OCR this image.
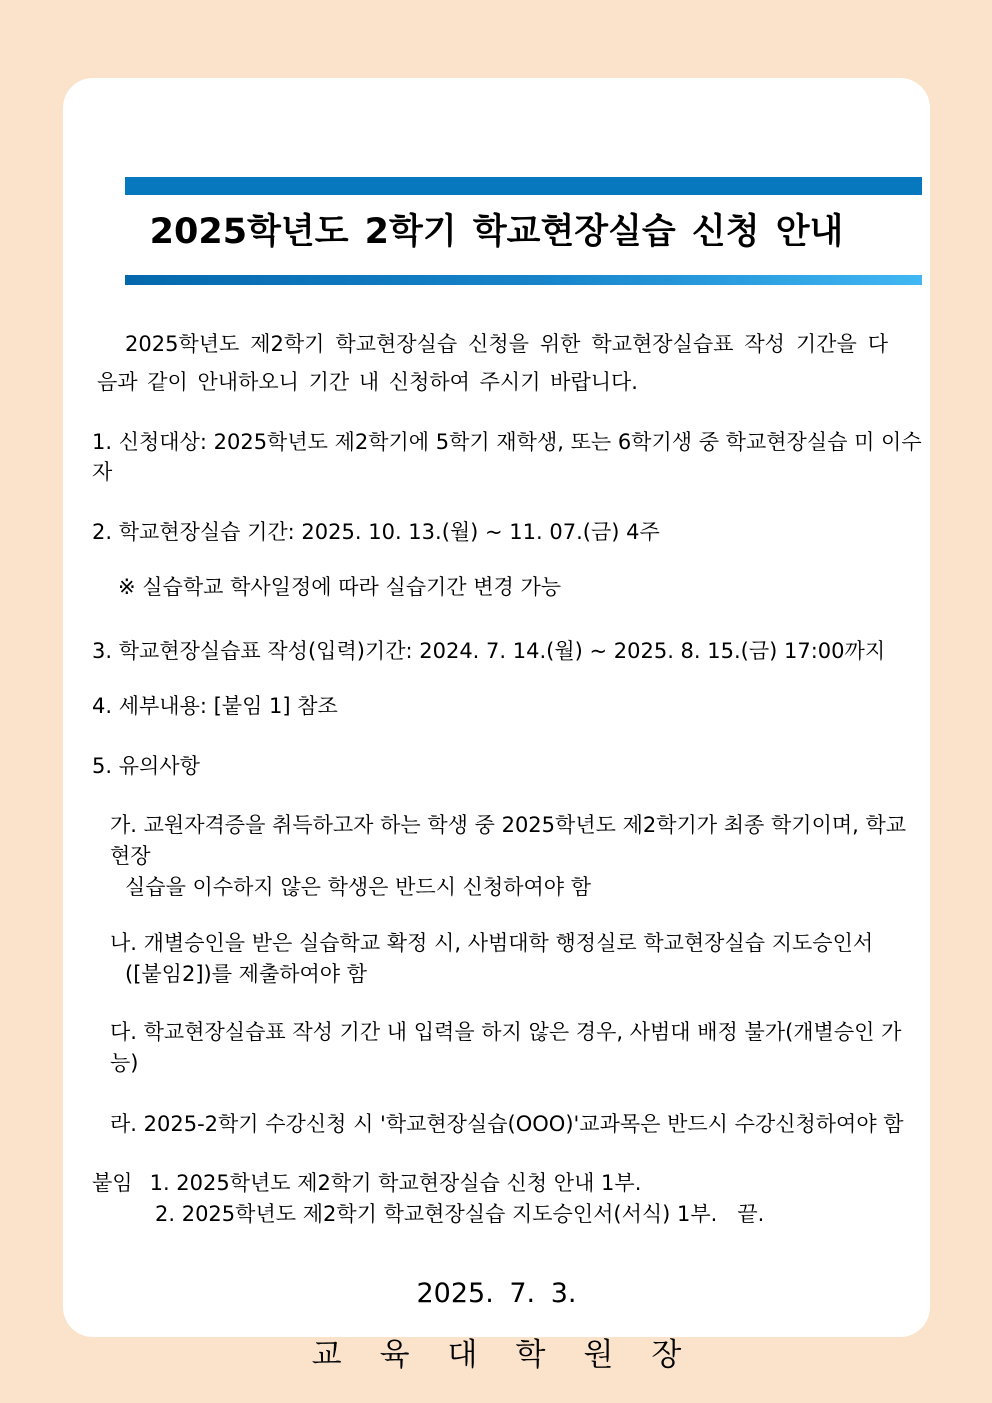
2025학년도 2학기 학교현장실습 신청 안내
2025학년도 제2학기 학교현장실습 신청을 위한 학교현장실습표 작성 기간을 다음과 같이 안내하오니 기간 내 신청하여 주시기 바랍니다.
1. 신청대상: 2025학년도 제2학기에 5학기 재학생, 또는 6학기생 중 학교현장실습 미 이수자
2. 학교현장실습 기간: 2025. 10. 13.(월) ~ 11. 07.(금) 4주
※ 실습학교 학사일정에 따라 실습기간 변경 가능
3. 학교현장실습표 작성(입력)기간: 2024. 7. 14.(월) ~ 2025. 8. 15.(금) 17:00까지
4. 세부내용: [붙임 1] 참조
5. 유의사항
가. 교원자격증을 취득하고자 하는 학생 중 2025학년도 제2학기가 최종 학기이며, 학교현장
실습을 이수하지 않은 학생은 반드시 신청하여야 함
나. 개별승인을 받은 실습학교 확정 시, 사범대학 행정실로 학교현장실습 지도승인서
([붙임2])를 제출하여야 함
다. 학교현장실습표 작성 기간 내 입력을 하지 않은 경우, 사범대 배정 불가(개별승인 가능)
라. 2025-2학기 수강신청 시 '학교현장실습(OOO)'교과목은 반드시 수강신청하여야 함
붙임 1. 2025학년도 제2학기 학교현장실습 신청 안내 1부.
2. 2025학년도 제2학기 학교현장실습 지도승인서(서식) 1부.   끝.
2025. 7. 3.
교육대학원장
